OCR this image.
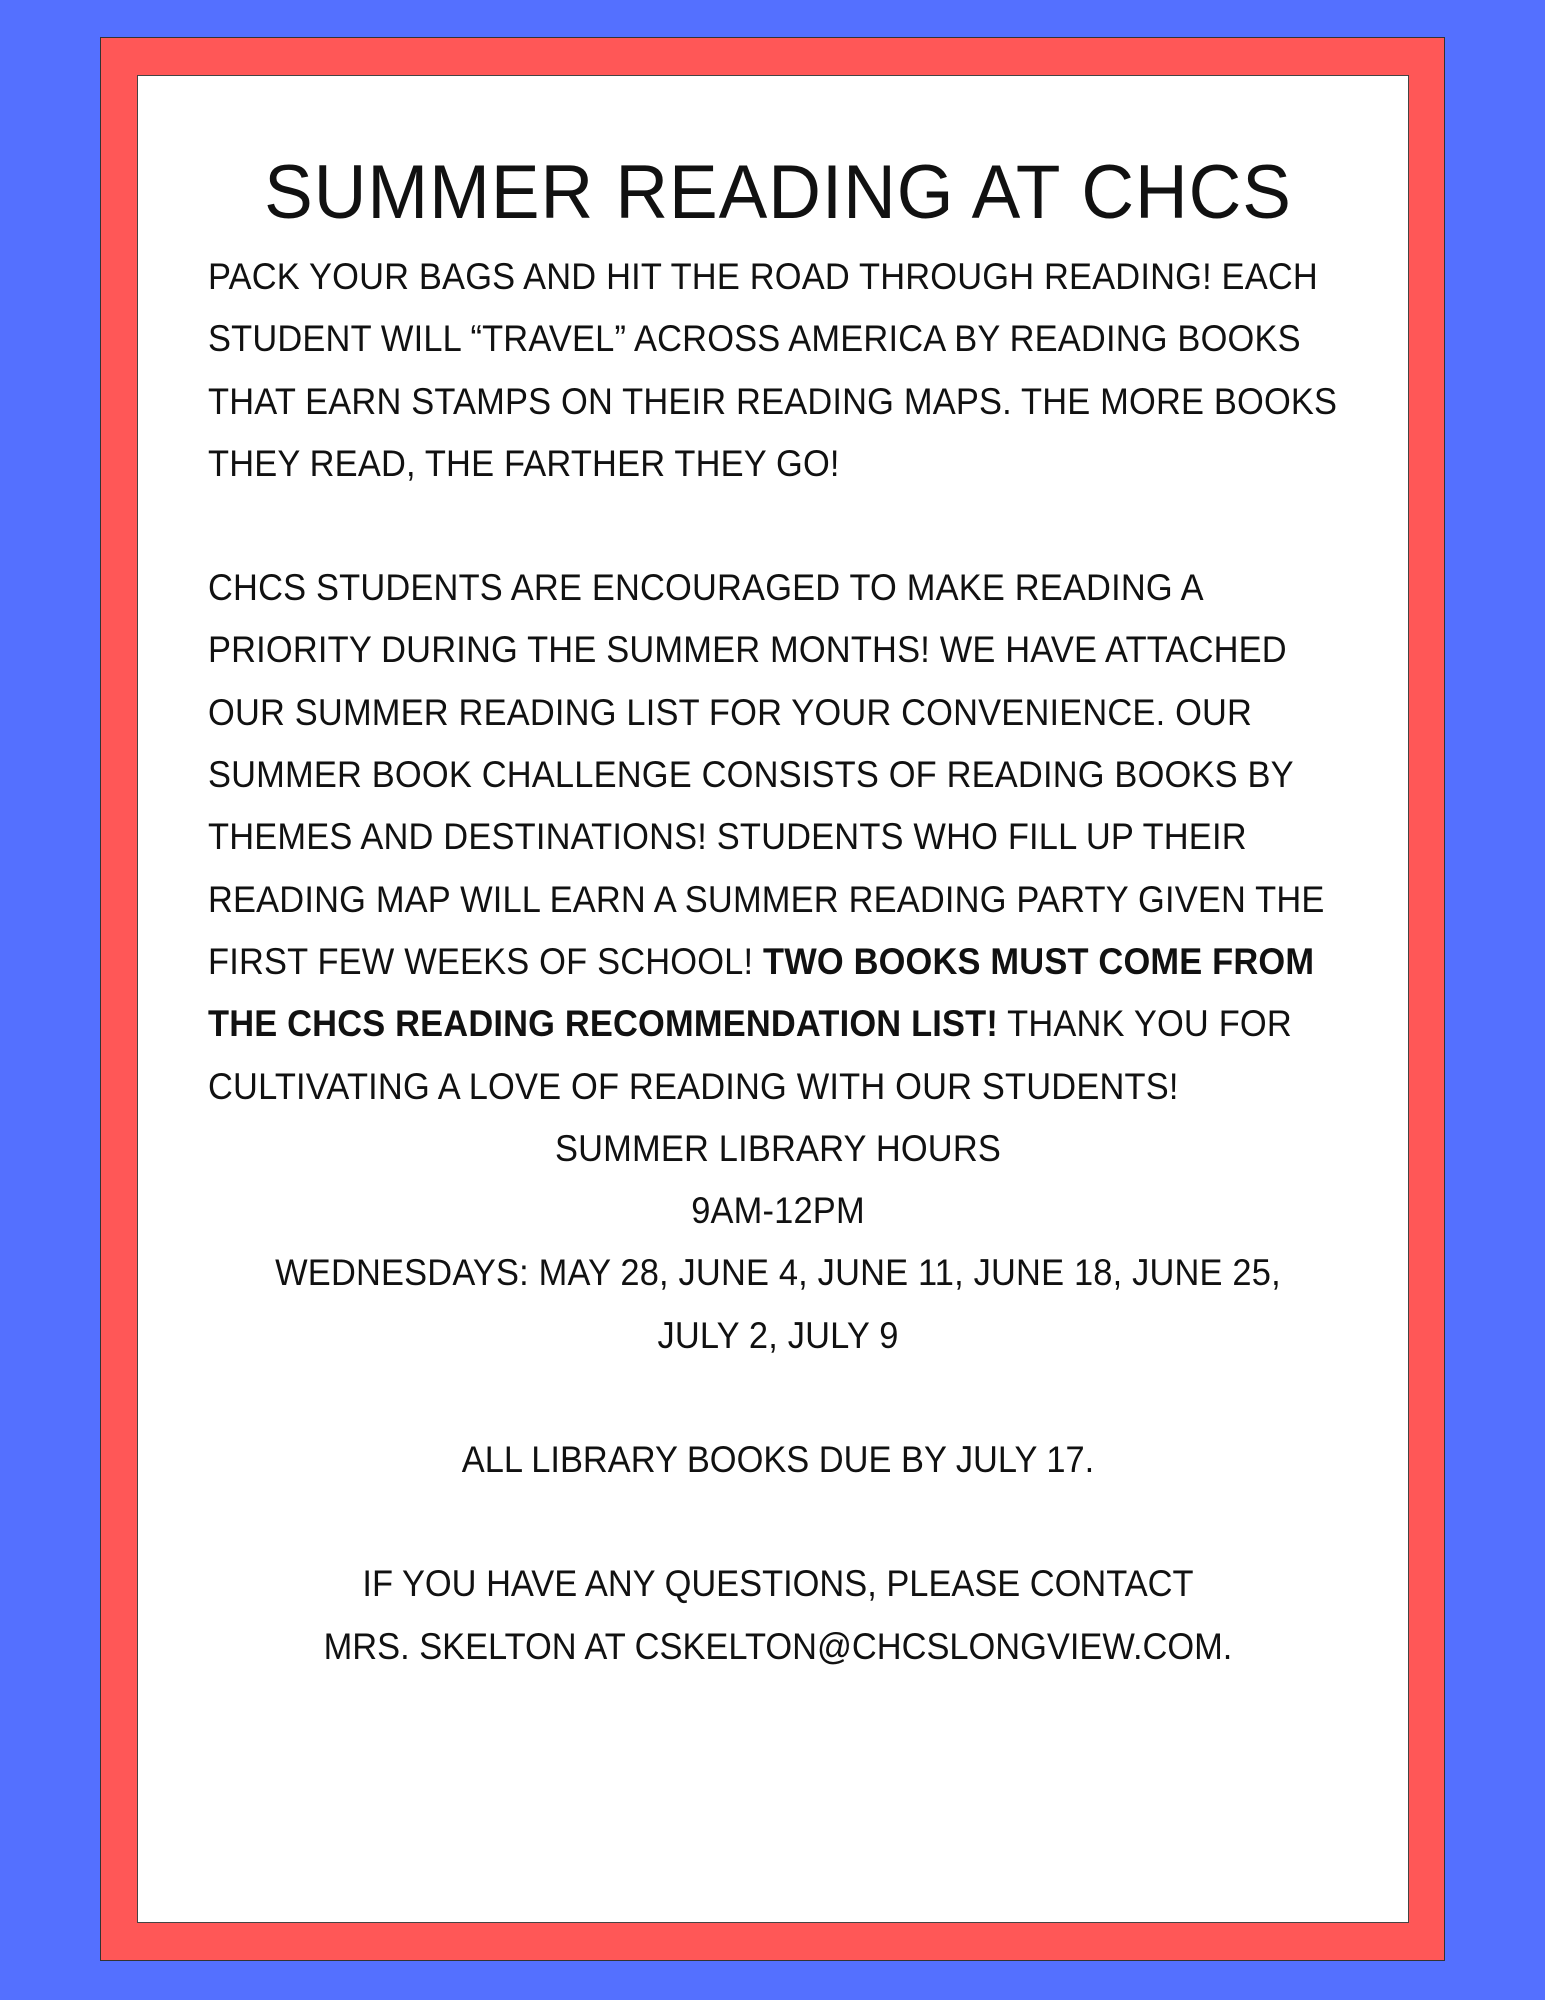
SUMMER READING AT CHCS

PACK YOUR BAGS AND HIT THE ROAD THROUGH READING! EACH STUDENT WILL “TRAVEL” ACROSS AMERICA BY READING BOOKS THAT EARN STAMPS ON THEIR READING MAPS. THE MORE BOOKS THEY READ, THE FARTHER THEY GO!

CHCS STUDENTS ARE ENCOURAGED TO MAKE READING A PRIORITY DURING THE SUMMER MONTHS! WE HAVE ATTACHED OUR SUMMER READING LIST FOR YOUR CONVENIENCE. OUR SUMMER BOOK CHALLENGE CONSISTS OF READING BOOKS BY THEMES AND DESTINATIONS! STUDENTS WHO FILL UP THEIR READING MAP WILL EARN A SUMMER READING PARTY GIVEN THE FIRST FEW WEEKS OF SCHOOL! TWO BOOKS MUST COME FROM THE CHCS READING RECOMMENDATION LIST! THANK YOU FOR CULTIVATING A LOVE OF READING WITH OUR STUDENTS!

SUMMER LIBRARY HOURS

9AM-12PM

WEDNESDAYS: MAY 28, JUNE 4, JUNE 11, JUNE 18, JUNE 25,

JULY 2, JULY 9

ALL LIBRARY BOOKS DUE BY JULY 17.

IF YOU HAVE ANY QUESTIONS, PLEASE CONTACT

MRS. SKELTON AT CSKELTON@CHCSLONGVIEW.COM.
